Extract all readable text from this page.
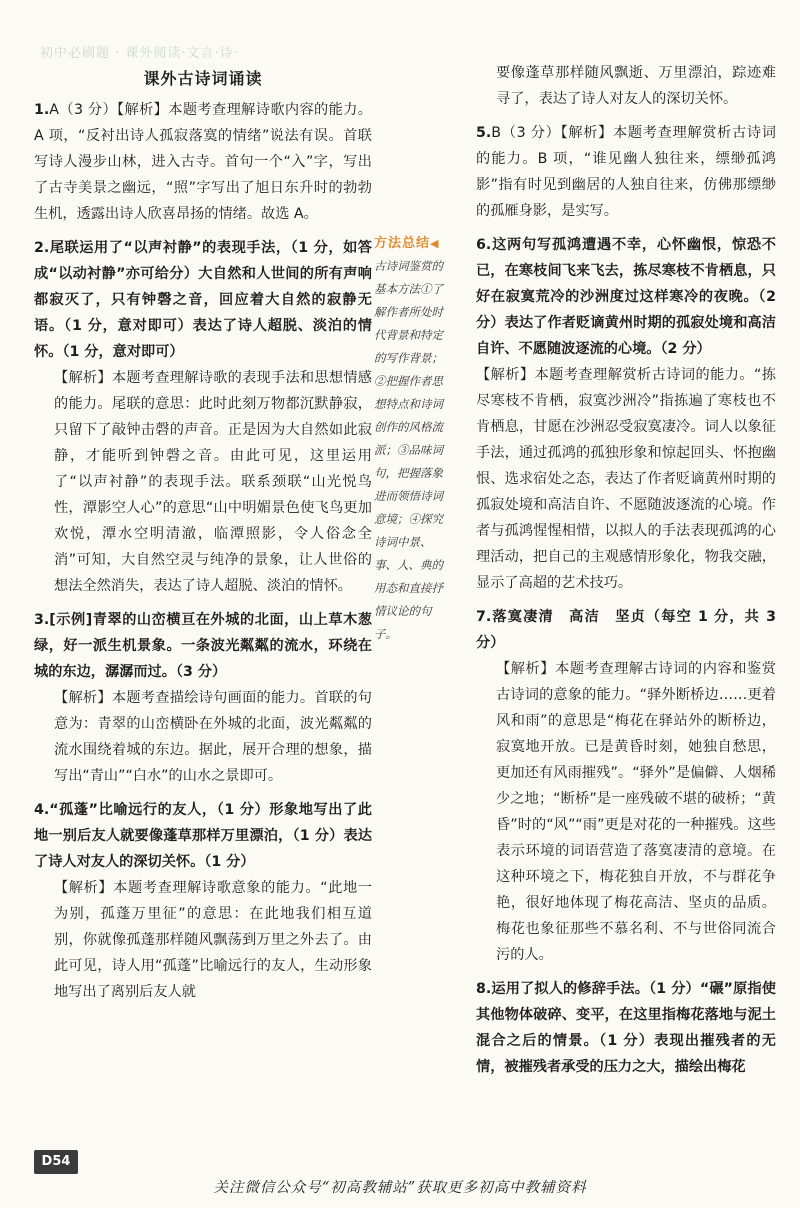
初中必刷题 · 课外阅读·文言·诗·
课外古诗词诵读

1.A（3 分）【解析】本题考查理解诗歌内容的能力。A 项，“反衬出诗人孤寂落寞的情绪”说法有误。首联写诗人漫步山林，进入古寺。首句一个“入”字，写出了古寺美景之幽远，“照”字写出了旭日东升时的勃勃生机，透露出诗人欣喜昂扬的情绪。故选 A。

2.尾联运用了“以声衬静”的表现手法，（1 分，如答成“以动衬静”亦可给分）大自然和人世间的所有声响都寂灭了，只有钟磬之音，回应着大自然的寂静无语。（1 分，意对即可）表达了诗人超脱、淡泊的情怀。（1 分，意对即可）

【解析】本题考查理解诗歌的表现手法和思想情感的能力。尾联的意思：此时此刻万物都沉默静寂，只留下了敲钟击磬的声音。正是因为大自然如此寂静，才能听到钟磬之音。由此可见，这里运用了“以声衬静”的表现手法。联系颈联“山光悦鸟性，潭影空人心”的意思“山中明媚景色使飞鸟更加欢悦，潭水空明清澈，临潭照影，令人俗念全消”可知，大自然空灵与纯净的景象，让人世俗的想法全然消失，表达了诗人超脱、淡泊的情怀。

3.[示例]青翠的山峦横亘在外城的北面，山上草木葱绿，好一派生机景象。一条波光粼粼的流水，环绕在城的东边，潺潺而过。（3 分）

【解析】本题考查描绘诗句画面的能力。首联的句意为：青翠的山峦横卧在外城的北面，波光粼粼的流水围绕着城的东边。据此，展开合理的想象，描写出“青山”“白水”的山水之景即可。

4.“孤蓬”比喻远行的友人，（1 分）形象地写出了此地一别后友人就要像蓬草那样万里漂泊，（1 分）表达了诗人对友人的深切关怀。（1 分）

【解析】本题考查理解诗歌意象的能力。“此地一为别，孤蓬万里征”的意思：在此地我们相互道别，你就像孤蓬那样随风飘荡到万里之外去了。由此可见，诗人用“孤蓬”比喻远行的友人，生动形象地写出了离别后友人就

方法总结◀
古诗词鉴赏的基本方法①了解作者所处时代背景和特定的写作背景；②把握作者思想特点和诗词创作的风格流派；③品味词句，把握落象进而领悟诗词意境；④探究诗词中景、事、人、典的用态和直接抒情议论的句子。

要像蓬草那样随风飘逝、万里漂泊，踪迹难寻了，表达了诗人对友人的深切关怀。

5.B（3 分）【解析】本题考查理解赏析古诗词的能力。B 项，“谁见幽人独往来，缥缈孤鸿影”指有时见到幽居的人独自往来，仿佛那缥缈的孤雁身影，是实写。

6.这两句写孤鸿遭遇不幸，心怀幽恨，惊恐不已，在寒枝间飞来飞去，拣尽寒枝不肯栖息，只好在寂寞荒冷的沙洲度过这样寒冷的夜晚。（2 分）表达了作者贬谪黄州时期的孤寂处境和高洁自许、不愿随波逐流的心境。（2 分）

【解析】本题考查理解赏析古诗词的能力。“拣尽寒枝不肯栖，寂寞沙洲冷”指拣遍了寒枝也不肯栖息，甘愿在沙洲忍受寂寞凄冷。词人以象征手法，通过孤鸿的孤独形象和惊起回头、怀抱幽恨、选求宿处之态，表达了作者贬谪黄州时期的孤寂处境和高洁自许、不愿随波逐流的心境。作者与孤鸿惺惺相惜，以拟人的手法表现孤鸿的心理活动，把自己的主观感情形象化，物我交融，显示了高超的艺术技巧。

7.落寞凄清　高洁　坚贞（每空 1 分，共 3 分）

【解析】本题考查理解古诗词的内容和鉴赏古诗词的意象的能力。“驿外断桥边……更着风和雨”的意思是“梅花在驿站外的断桥边，寂寞地开放。已是黄昏时刻，她独自愁思，更加还有风雨摧残”。“驿外”是偏僻、人烟稀少之地；“断桥”是一座残破不堪的破桥；“黄昏”时的“风”“雨”更是对花的一种摧残。这些表示环境的词语营造了落寞凄清的意境。在这种环境之下，梅花独自开放，不与群花争艳，很好地体现了梅花高洁、坚贞的品质。梅花也象征那些不慕名利、不与世俗同流合污的人。

8.运用了拟人的修辞手法。（1 分）“碾”原指使其他物体破碎、变平，在这里指梅花落地与泥土混合之后的情景。（1 分）表现出摧残者的无情，被摧残者承受的压力之大，描绘出梅花

D54
关注微信公众号“初高教辅站”获取更多初高中教辅资料
